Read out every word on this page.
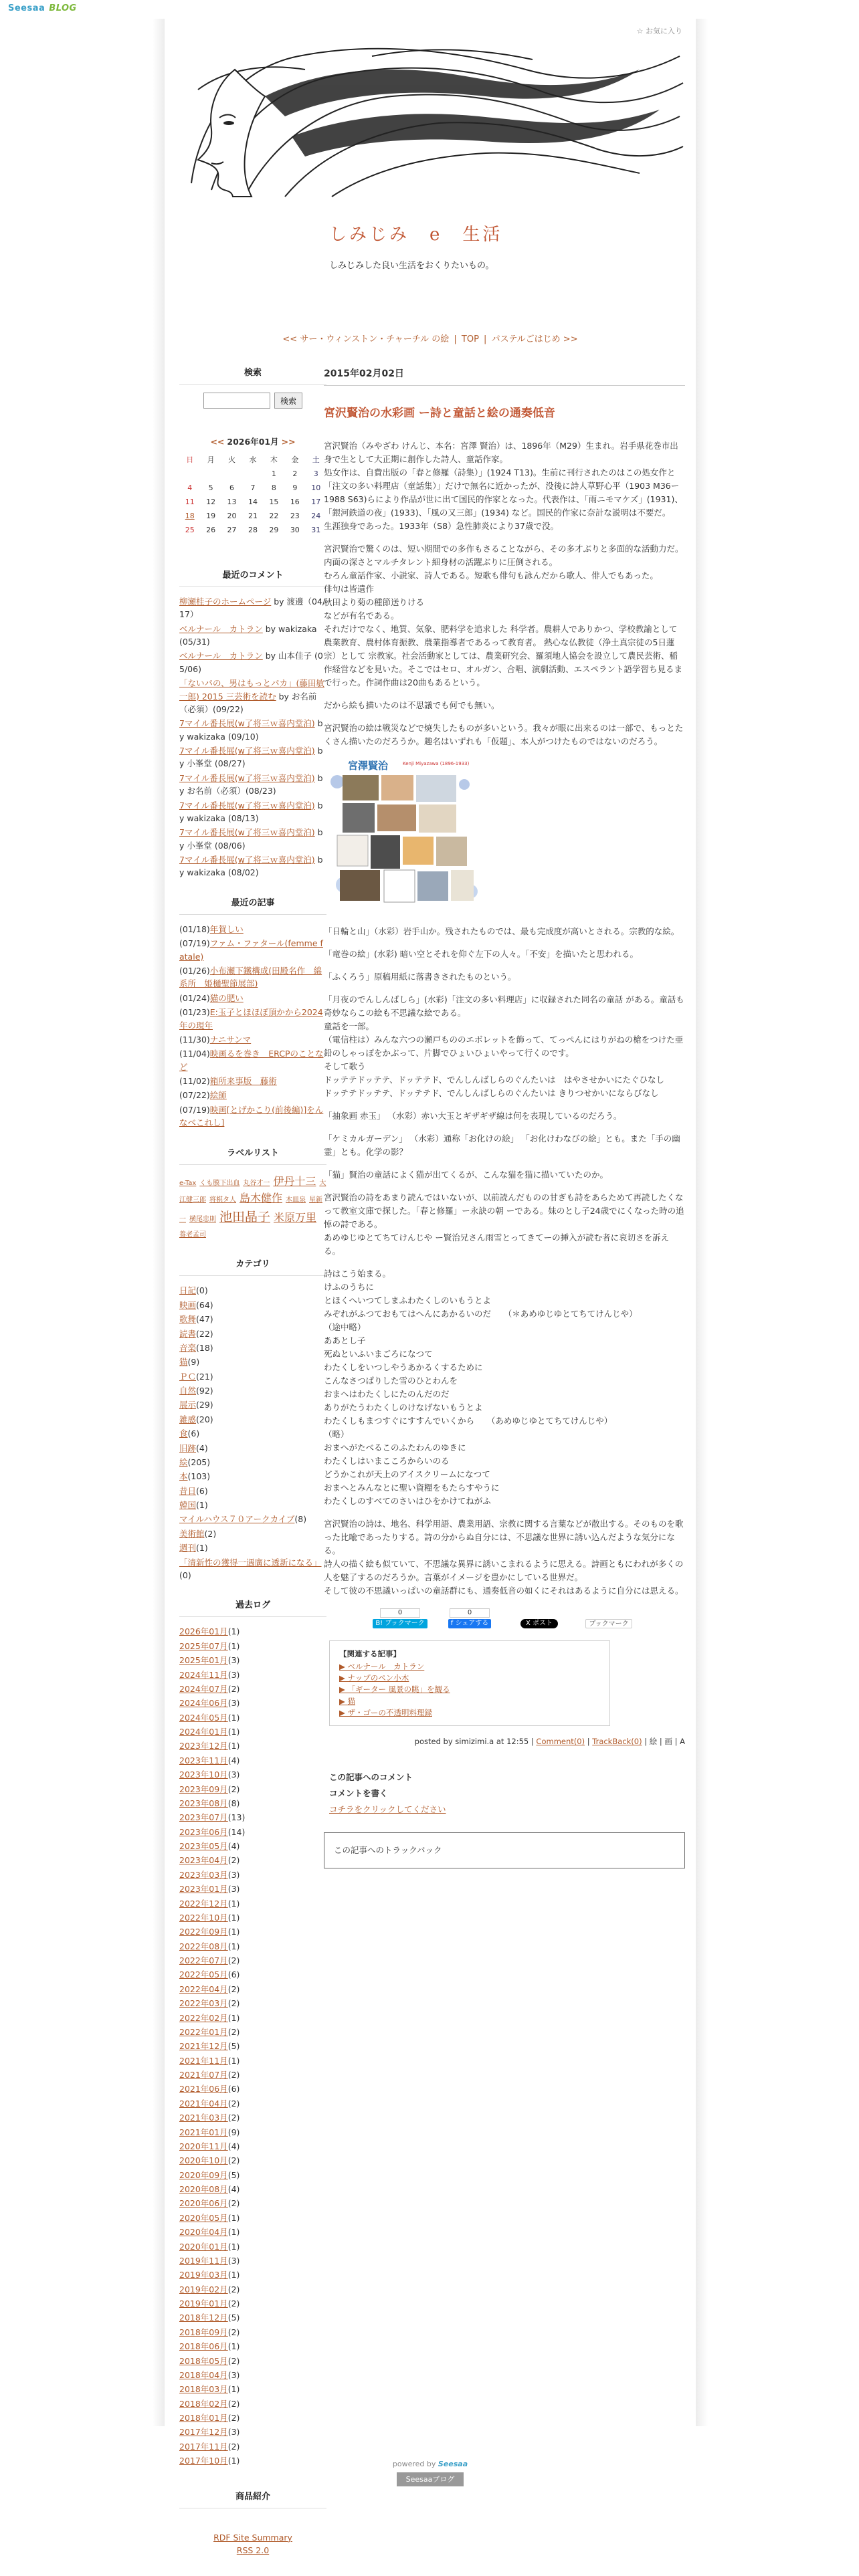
Seesaa BLOG
☆ お気に入り
しみじみ　e　生活
しみじみした良い生活をおくりたいもの。
<< サー・ウィンストン・チャーチル の絵 | TOP | パステルごはじめ >>
検索
検索
<< 2026年01月 >>
日	月	火	水	木	金	土
				1	2	3
4	5	6	7	8	9	10
11	12	13	14	15	16	17
18	19	20	21	22	23	24
25	26	27	28	29	30	31
最近のコメント
柳瀬桂子のホームページ by 渡邊（04/17）
ベルナール　カトラン by wakizaka (05/31)
ベルナール　カトラン by 山本佳子 (05/06)
「ないパの、男はもっとパカ」(藤田敏一郎) 2015 三芸術を読む by お名前（必須）(09/22)
7マイル番長展(w了将三ｗ喜内堂泊) by wakizaka (09/10)
7マイル番長展(w了将三ｗ喜内堂泊) by 小峯堂 (08/27)
7マイル番長展(w了将三ｗ喜内堂泊) by お名前（必須）(08/23)
7マイル番長展(w了将三ｗ喜内堂泊) by wakizaka (08/13)
7マイル番長展(w了将三ｗ喜内堂泊) by 小峯堂 (08/06)
7マイル番長展(w了将三ｗ喜内堂泊) by wakizaka (08/02)
最近の記事
(01/18)年賀しい
(07/19)ファム・ファタール(femme fatale)
(01/26)小布瀬下鐵構成(田殿名作　綿系所　姫樋聖節展部)
(01/24)猫の肥い
(01/23)E:玉子とほほぼ頂かから2024年の現年
(11/30)ナニサンマ
(11/04)映画るを巻き　ERCPのことなど
(11/02)箱所来事版　藤術
(07/22)絵師
(07/19)映画[とげかこり(前後編)]をんなべこれし]
ラベルリスト
e-Tax くも膜下出血 丸谷才一 伊丹十三 大江健三郎 将棋タ人 島木健作 木皿泉 星新一 横尾忠則 池田晶子 米原万里養老孟司
カテゴリ
日記(0)
映画(64)
歌舞(47)
読書(22)
音楽(18)
猫(9)
ＰＣ(21)
自然(92)
展示(29)
雑感(20)
食(6)
旧跡(4)
絵(205)
本(103)
昔日(6)
韓国(1)
マイルハウス７０アークカイブ(8)
美術館(2)
週刊(1)
「清新性の獲得一遇廣に透新になる」(0)
過去ログ
2026年01月(1)
2025年07月(1)
2025年01月(3)
2024年11月(3)
2024年07月(2)
2024年06月(3)
2024年05月(1)
2024年01月(1)
2023年12月(1)
2023年11月(4)
2023年10月(3)
2023年09月(2)
2023年08月(8)
2023年07月(13)
2023年06月(14)
2023年05月(4)
2023年04月(2)
2023年03月(3)
2023年01月(3)
2022年12月(1)
2022年10月(1)
2022年09月(1)
2022年08月(1)
2022年07月(2)
2022年05月(6)
2022年04月(2)
2022年03月(2)
2022年02月(1)
2022年01月(2)
2021年12月(5)
2021年11月(1)
2021年07月(2)
2021年06月(6)
2021年04月(2)
2021年03月(2)
2021年01月(9)
2020年11月(4)
2020年10月(2)
2020年09月(5)
2020年08月(4)
2020年06月(2)
2020年05月(1)
2020年04月(1)
2020年01月(1)
2019年11月(3)
2019年03月(1)
2019年02月(2)
2019年01月(2)
2018年12月(5)
2018年09月(2)
2018年06月(1)
2018年05月(2)
2018年04月(3)
2018年03月(1)
2018年02月(2)
2018年01月(2)
2017年12月(3)
2017年11月(2)
2017年10月(1)
商品紹介
RDF Site Summary
RSS 2.0
2015年02月02日
宮沢賢治の水彩画 ー詩と童話と絵の通奏低音
宮沢賢治（みやざわ けんじ、本名：宮澤 賢治）は、1896年（M29）生まれ。岩手県花巻市出身で生として大正期に創作した詩人、童話作家。
処女作は、自費出版の「春と修羅（詩集）」(1924 T13)。生前に刊行されたのはこの処女作と「注文の多い料理店（童話集）」だけで無名に近かったが、没後に詩人草野心平（1903 M36ー1988 S63)らにより作品が世に出て国民的作家となった。代表作は、「雨ニモマケズ」(1931)、「銀河鉄道の夜」(1933)、「風の又三郎」(1934) など。国民的作家に奈計な説明は不要だ。
生涯独身であった。1933年（S8）急性肺炎により37歳で没。
宮沢賢治で驚くのは、短い期間での多作もさることながら、その多才ぶりと多面的な活動力だ。内面の深さとマルチタレント細身材の活躍ぶりに圧倒される。
むろん童話作家、小説家、詩人である。短歌も俳句も詠んだから歌人、俳人でもあった。
俳句は皆遺作
秋田より菊の種節送りける
などが有名である。
それだけでなく、地質、気象、肥料学を追求した 科学者。農耕人でありかつ、学校教諭として農業教育、農村体育振教、農業指導者であるって教育者。 熱心な仏教徒（浄土真宗徒の5日蓮宗）として 宗教家。社会活動家としては、農業研究会、羅須地人協会を設立して農民芸術、稲作経営などを見いた。そこではセロ、オルガン、合唱、演劇活動、エスペラント語学習ち見るまで行った。作詞作曲は20曲もあるという。
だから絵も描いたのは不思議でも何でも無い。
宮沢賢治の絵は戦災などで焼失したものが多いという。我々が眼に出来るのは一部で、もっとたくさん描いたのだろうか。趣名はいずれも「仮題」、本人がつけたものではないのだろう。
宮澤賢治	Kenji Miyazawa (1896-1933)
「日輪と山」（水彩）岩手山か。残されたものでは、最も完成度が高いとされる。宗教的な絵。
「竜巻の絵」(水彩) 暗い空とそれを仰ぐ左下の人々。「不安」を描いたと思われる。
「ふくろう」原稿用紙に落書きされたものという。
「月夜のでんしんばしら」(水彩)「注文の多い料理店」に収録された同名の童話 がある。童話も奇妙ならこの絵も不思議な絵である。
童話を一部。
（電信柱は）みんな六つの瀬戸もののエボレットを飾って、てっぺんにはりがねの槍をつけた亜鉛のしゃっぽをかぶって、片脚でひょいひょいやって行くのです。
そして歌う
ドッテテドッテテ、ドッテテド、でんしんばしらのぐんたいは　はやさせかいにたぐひなし
ドッテテドッテテ、ドッテテド、でんしんばしらのぐんたいは きりつせかいにならびなし
「抽象画 赤玉」 （水彩）赤い大玉とギザギザ線は何を表現しているのだろう。
「ケミカルガーデン」 （水彩）通称「お化けの絵」 「お化けわなびの絵」とも。また「手の幽霊」とも。化学の影？
「猫」賢治の童話によく猫が出てくるが、こんな猫を猫に描いていたのか。
宮沢賢治の詩をあまり読んではいないが、以前読んだものの甘ぎも詩をあらためて再読したくなって教室文庫で探した。「春と修羅」ー永訣の朝 ーである。妹のとし子24歳でにくなった時の追悼の詩である。
あめゆじゆとてちてけんじや ー賢治兄さん雨雪とってきてーの挿入が読む者に哀切さを訴える。
詩はこう始まる。
けふのうちに
とほくへいつてしまふわたくしのいもうとよ
みぞれがふつておもてはへんにあかるいのだ　　（＊あめゆじゆとてちてけんじや）
（途中略）
ああとし子
死ぬといふいまごろになつて
わたくしをいつしやうあかるくするために
こんなさつぱりした雪のひとわんを
おまへはわたくしにたのんだのだ
ありがたうわたくしのけなげないもうとよ
わたくしもまつすぐにすすんでいくから　　（あめゆじゆとてちてけんじや）
（略）
おまへがたべるこのふたわんのゆきに
わたくしはいまこころからいのる
どうかこれが天上のアイスクリームになつて
おまへとみんなとに聖い資糧をもたらすやうに
わたくしのすべてのさいはひをかけてねがふ
宮沢賢治の詩は、地名、科学用語、農業用語、宗教に関する言葉などが散出する。そのものを歌った比喩であったりする。詩の分からぬ自分には、不思議な世界に誘い込んだような気分になる。
詩人の描く絵も似ていて、不思議な異界に誘いこまれるように思える。詩画ともにわれが多くの人を魅了するのだろうか。言葉がイメージを豊かにしている世界だ。
そして彼の不思議いっぱいの童話群にも、通奏低音の如くにそれはあるように自分には思える。
0
B! ブックマーク
0
f シェアする	X ポスト	ブックマーク
【関連する記事】
▶ ベルナール　カトラン
▶ ナップのペン小木
▶ 「ギーター 風景の眺」を観る
▶ 猫
▶ ザ・ゴーの不透明料理録
posted by simizimi.a at 12:55 | Comment(0) | TrackBack(0) | 絵 | 画 | A
この記事へのコメント
コメントを書く
コチラをクリックしてください
この記事へのトラックバック
powered by Seesaa
Seesaaブログ
